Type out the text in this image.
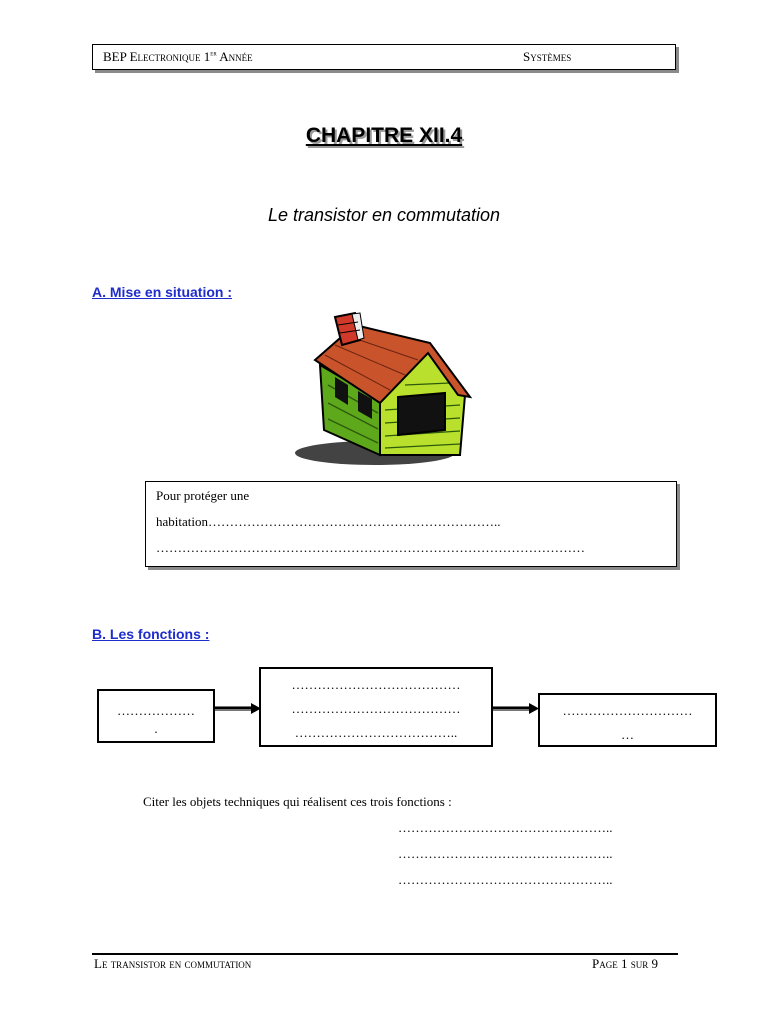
BEP Electronique 1er Année	Systèmes
CHAPITRE XII.4
Le transistor en commutation
A. Mise en situation :
Pour protéger une
habitation…………………………………………………………..
………………………………………………………………………………………
B. Les fonctions :
………………
.
…………………………………
…………………………………
………………………………..
…………………………
…
Citer les objets techniques qui réalisent ces trois fonctions :
…………………………………………..
…………………………………………..
…………………………………………..
Le transistor en commutation	Page 1 sur 9
